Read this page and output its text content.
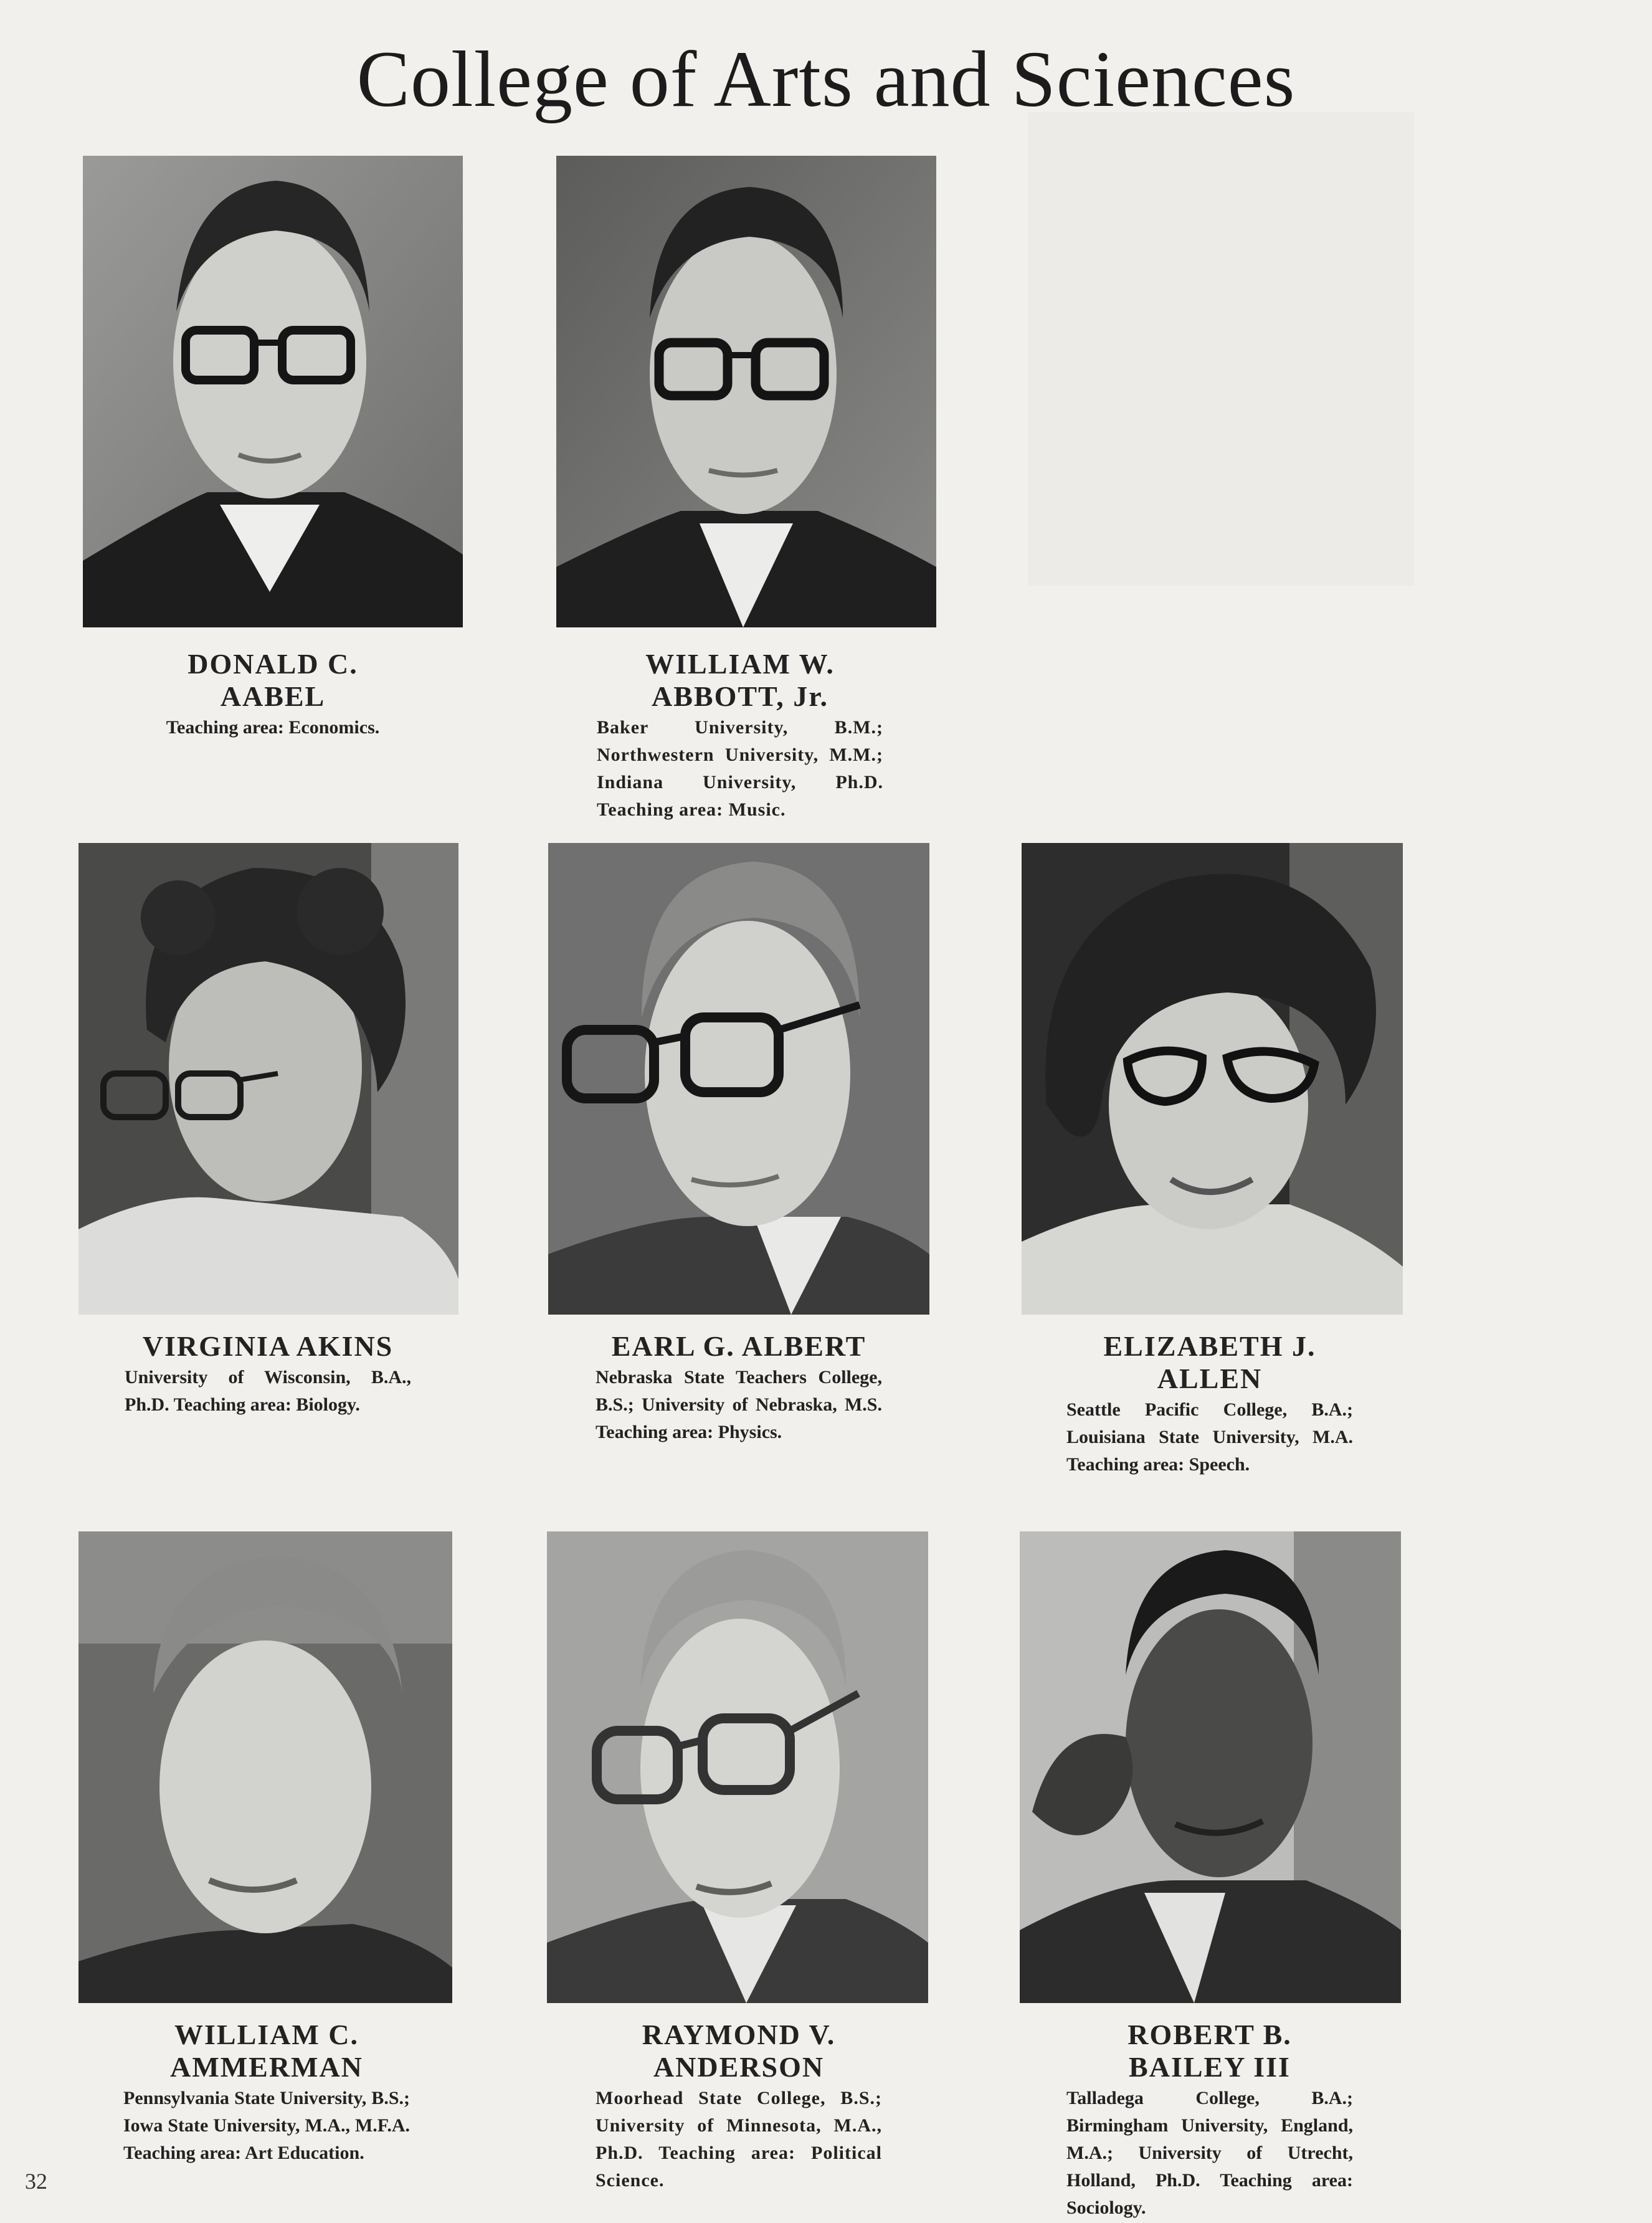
College of Arts and Sciences
DONALD C.
AABEL
Teaching area: Economics.
WILLIAM W.
ABBOTT, Jr.
Baker University, B.M.; Northwestern University, M.M.; Indiana University, Ph.D. Teaching area: Music.
VIRGINIA AKINS
University of Wisconsin, B.A., Ph.D. Teaching area: Biology.
EARL G. ALBERT
Nebraska State Teachers College, B.S.; University of Nebraska, M.S. Teaching area: Physics.
ELIZABETH J.
ALLEN
Seattle Pacific College, B.A.; Louisiana State University, M.A. Teaching area: Speech.
WILLIAM C.
AMMERMAN
Pennsylvania State University, B.S.; Iowa State University, M.A., M.F.A. Teaching area: Art Education.
RAYMOND V.
ANDERSON
Moorhead State College, B.S.; University of Minnesota, M.A., Ph.D. Teaching area: Political Science.
ROBERT B.
BAILEY III
Talladega College, B.A.; Birmingham University, England, M.A.; University of Utrecht, Holland, Ph.D. Teaching area: Sociology.
32
